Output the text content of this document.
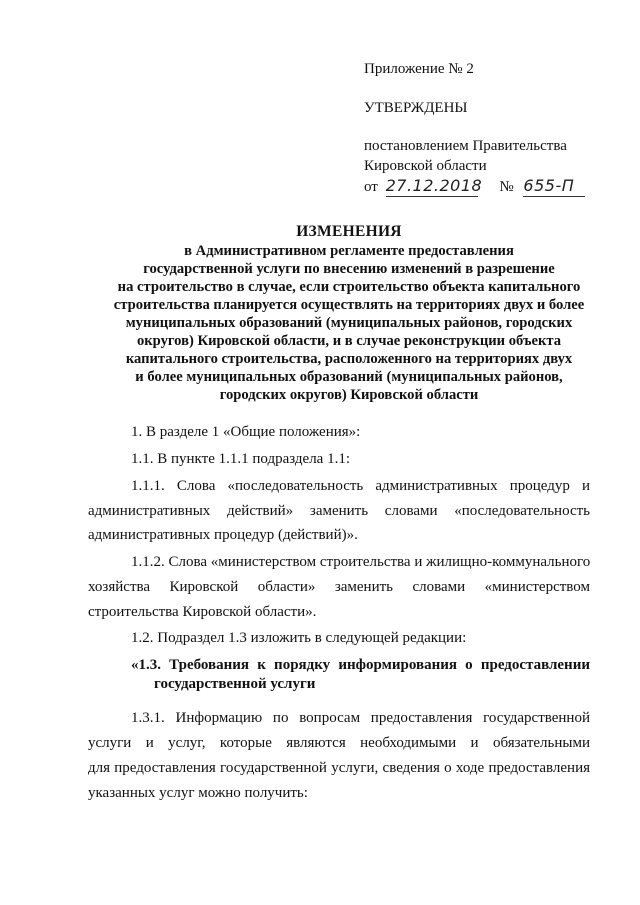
Приложение № 2
УТВЕРЖДЕНЫ
постановлением Правительства
Кировской области
от 27.12.2018 № 655-П
ИЗМЕНЕНИЯ
в Административном регламенте предоставления
государственной услуги по внесению изменений в разрешение
на строительство в случае, если строительство объекта капитального
строительства планируется осуществлять на территориях двух и более
муниципальных образований (муниципальных районов, городских
округов) Кировской области, и в случае реконструкции объекта
капитального строительства, расположенного на территориях двух
и более муниципальных образований (муниципальных районов,
городских округов) Кировской области
1. В разделе 1 «Общие положения»:
1.1. В пункте 1.1.1 подраздела 1.1:
1.1.1. Слова «последовательность административных процедур и
административных действий» заменить словами «последовательность
административных процедур (действий)».
1.1.2. Слова «министерством строительства и жилищно-коммунального
хозяйства Кировской области» заменить словами «министерством
строительства Кировской области».
1.2. Подраздел 1.3 изложить в следующей редакции:
«1.3. Требования к порядку информирования о предоставлении
государственной услуги
1.3.1. Информацию по вопросам предоставления государственной
услуги и услуг, которые являются необходимыми и обязательными
для предоставления государственной услуги, сведения о ходе предоставления
указанных услуг можно получить:
